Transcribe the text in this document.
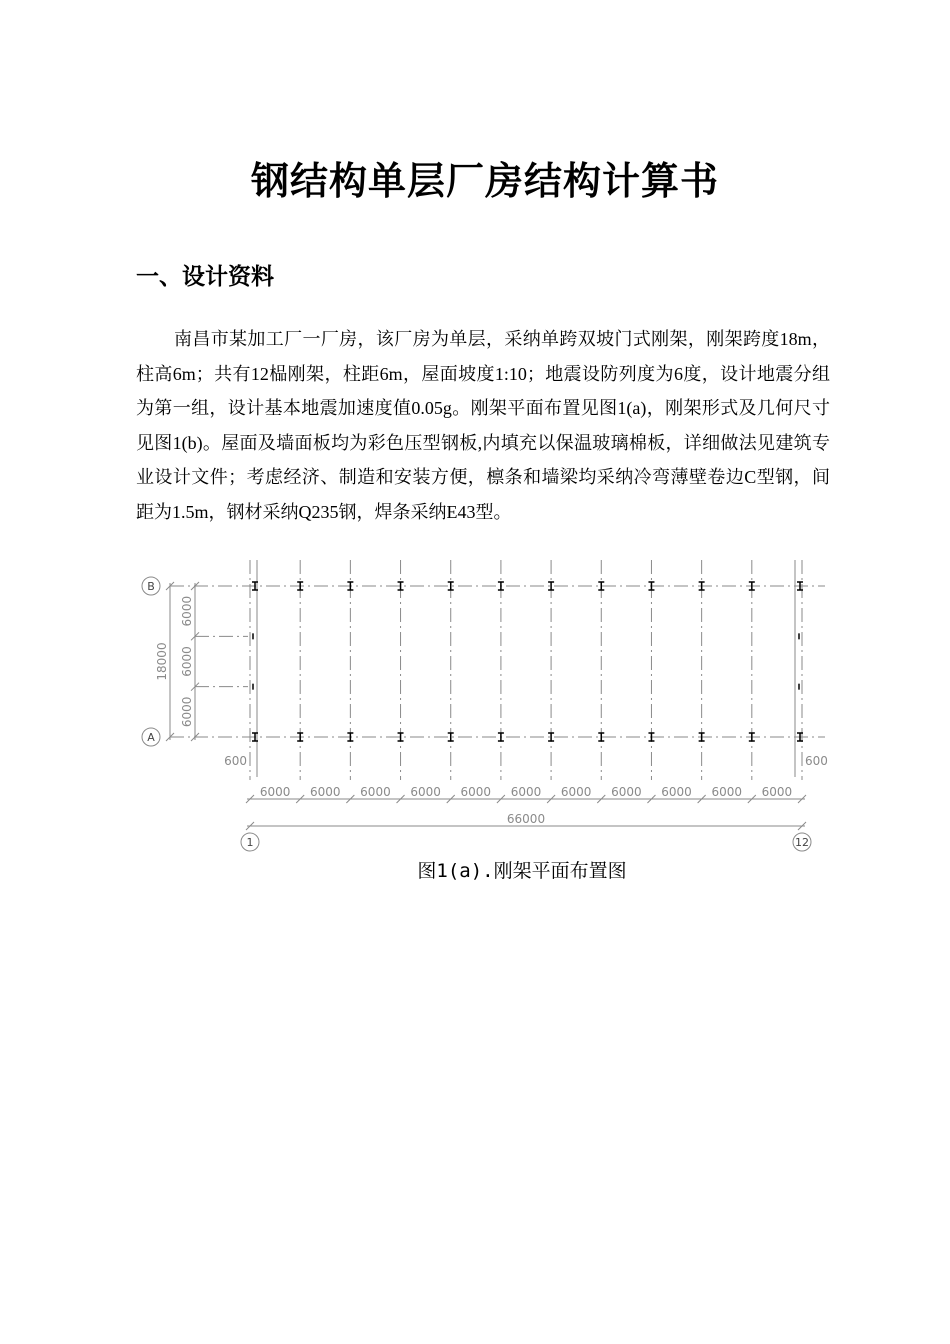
钢结构单层厂房结构计算书
一、设计资料
南昌市某加工厂一厂房，该厂房为单层，采纳单跨双坡门式刚架，刚架跨度18m，柱高6m；共有12榀刚架，柱距6m，屋面坡度1:10；地震设防列度为6度，设计地震分组为第一组，设计基本地震加速度值0.05g。刚架平面布置见图1(a)，刚架形式及几何尺寸见图1(b)。屋面及墙面板均为彩色压型钢板,内填充以保温玻璃棉板，详细做法见建筑专业设计文件；考虑经济、制造和安装方便，檩条和墙梁均采纳冷弯薄壁卷边C型钢，间距为1.5m，钢材采纳Q235钢，焊条采纳E43型。
6000
6000
6000
18000
600	600
6000 6000 6000 6000 6000 6000 6000 6000 6000 6000 6000
66000
B
A
1	12
图1(a).刚架平面布置图
